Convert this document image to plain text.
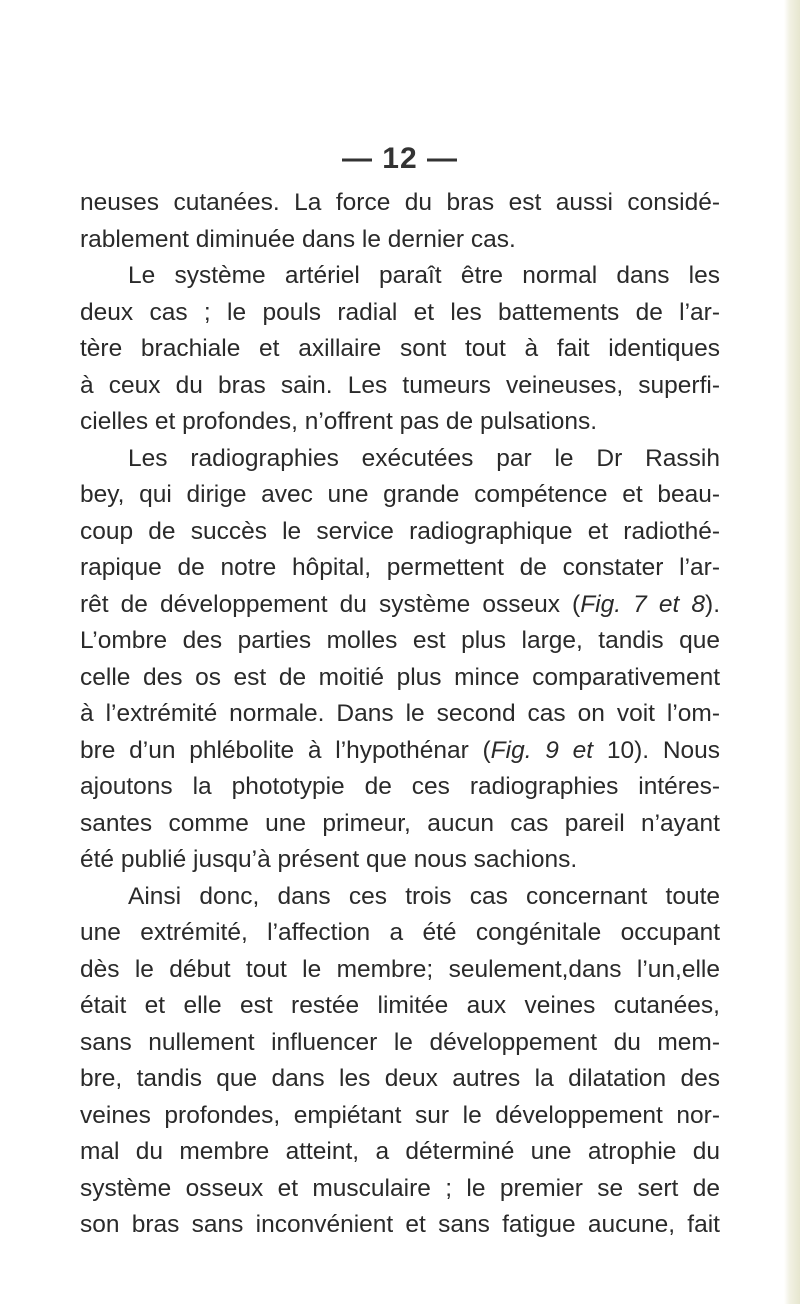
— 12 —
neuses cutanées. La force du bras est aussi considé-
rablement diminuée dans le dernier cas.
Le système artériel paraît être normal dans les
deux cas ; le pouls radial et les battements de l’ar-
tère brachiale et axillaire sont tout à fait identiques
à ceux du bras sain. Les tumeurs veineuses, superfi-
cielles et profondes, n’offrent pas de pulsations.
Les radiographies exécutées par le Dr Rassih
bey, qui dirige avec une grande compétence et beau-
coup de succès le service radiographique et radiothé-
rapique de notre hôpital, permettent de constater l’ar-
rêt de développement du système osseux (Fig. 7 et 8).
L’ombre des parties molles est plus large, tandis que
celle des os est de moitié plus mince comparativement
à l’extrémité normale. Dans le second cas on voit l’om-
bre d’un phlébolite à l’hypothénar (Fig. 9 et 10). Nous
ajoutons la phototypie de ces radiographies intéres-
santes comme une primeur, aucun cas pareil n’ayant
été publié jusqu’à présent que nous sachions.
Ainsi donc, dans ces trois cas concernant toute
une extrémité, l’affection a été congénitale occupant
dès le début tout le membre; seulement,dans l’un,elle
était et elle est restée limitée aux veines cutanées,
sans nullement influencer le développement du mem-
bre, tandis que dans les deux autres la dilatation des
veines profondes, empiétant sur le développement nor-
mal du membre atteint, a déterminé une atrophie du
système osseux et musculaire ; le premier se sert de
son bras sans inconvénient et sans fatigue aucune, fait
